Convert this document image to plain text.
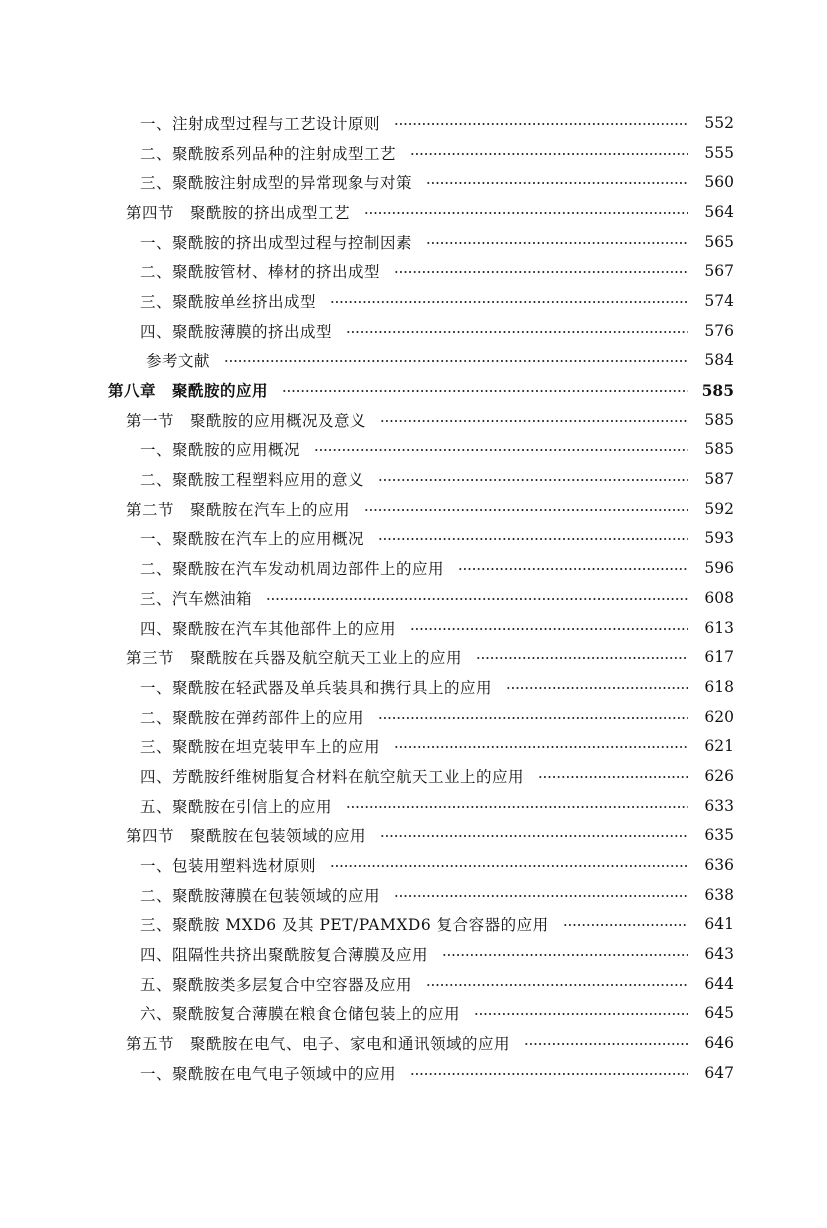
一、注射成型过程与工艺设计原则	552
二、聚酰胺系列品种的注射成型工艺	555
三、聚酰胺注射成型的异常现象与对策	560
第四节　聚酰胺的挤出成型工艺	564
一、聚酰胺的挤出成型过程与控制因素	565
二、聚酰胺管材、棒材的挤出成型	567
三、聚酰胺单丝挤出成型	574
四、聚酰胺薄膜的挤出成型	576
参考文献	584
第八章　聚酰胺的应用	585
第一节　聚酰胺的应用概况及意义	585
一、聚酰胺的应用概况	585
二、聚酰胺工程塑料应用的意义	587
第二节　聚酰胺在汽车上的应用	592
一、聚酰胺在汽车上的应用概况	593
二、聚酰胺在汽车发动机周边部件上的应用	596
三、汽车燃油箱	608
四、聚酰胺在汽车其他部件上的应用	613
第三节　聚酰胺在兵器及航空航天工业上的应用	617
一、聚酰胺在轻武器及单兵装具和携行具上的应用	618
二、聚酰胺在弹药部件上的应用	620
三、聚酰胺在坦克装甲车上的应用	621
四、芳酰胺纤维树脂复合材料在航空航天工业上的应用	626
五、聚酰胺在引信上的应用	633
第四节　聚酰胺在包装领域的应用	635
一、包装用塑料选材原则	636
二、聚酰胺薄膜在包装领域的应用	638
三、聚酰胺 MXD6 及其 PET/PAMXD6 复合容器的应用	641
四、阻隔性共挤出聚酰胺复合薄膜及应用	643
五、聚酰胺类多层复合中空容器及应用	644
六、聚酰胺复合薄膜在粮食仓储包装上的应用	645
第五节　聚酰胺在电气、电子、家电和通讯领域的应用	646
一、聚酰胺在电气电子领域中的应用	647
